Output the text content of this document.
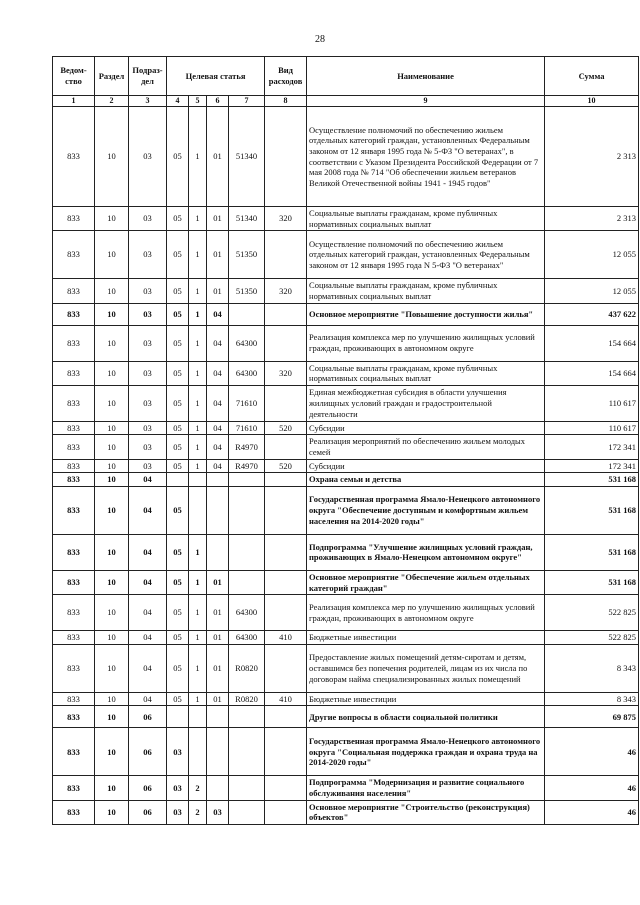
28
Ведом-ство	Раздел	Подраз-дел	Целевая статья				Вид расходов	Наименование	Сумма
1	2	3	4	5	6	7	8	9	10
833	10	03	05	1	01	51340		Осуществление полномочий по обеспечению жильем отдельных категорий граждан, установленных Федеральным законом от 12 января 1995 года № 5-ФЗ "О ветеранах", в соответствии с Указом Президента Российской Федерации от 7 мая 2008 года № 714 "Об обеспечении жильем ветеранов Великой Отечественной войны 1941 - 1945 годов"	2 313
833	10	03	05	1	01	51340	320	Социальные выплаты гражданам, кроме публичных нормативных социальных выплат	2 313
833	10	03	05	1	01	51350		Осуществление полномочий по обеспечению жильем отдельных категорий граждан, установленных Федеральным законом от 12 января 1995 года N 5-ФЗ "О ветеранах"	12 055
833	10	03	05	1	01	51350	320	Социальные выплаты гражданам, кроме публичных нормативных социальных выплат	12 055
833	10	03	05	1	04			Основное мероприятие "Повышение доступности жилья"	437 622
833	10	03	05	1	04	64300		Реализация комплекса мер по улучшению жилищных условий граждан, проживающих в автономном округе	154 664
833	10	03	05	1	04	64300	320	Социальные выплаты гражданам, кроме публичных нормативных социальных выплат	154 664
833	10	03	05	1	04	71610		Единая межбюджетная субсидия в области улучшения жилищных условий граждан и градостроительной деятельности	110 617
833	10	03	05	1	04	71610	520	Субсидии	110 617
833	10	03	05	1	04	R4970		Реализация мероприятий по обеспечению жильем молодых семей	172 341
833	10	03	05	1	04	R4970	520	Субсидии	172 341
833	10	04						Охрана семьи и детства	531 168
833	10	04	05					Государственная программа Ямало-Ненецкого автономного округа "Обеспечение доступным и комфортным жильем населения на 2014-2020 годы"	531 168
833	10	04	05	1				Подпрограмма "Улучшение жилищных условий граждан, проживающих в Ямало-Ненецком автономном округе"	531 168
833	10	04	05	1	01			Основное мероприятие "Обеспечение жильем отдельных категорий граждан"	531 168
833	10	04	05	1	01	64300		Реализация комплекса мер по улучшению жилищных условий граждан, проживающих в автономном округе	522 825
833	10	04	05	1	01	64300	410	Бюджетные инвестиции	522 825
833	10	04	05	1	01	R0820		Предоставление жилых помещений детям-сиротам и детям, оставшимся без попечения родителей, лицам из их числа по договорам найма специализированных жилых помещений	8 343
833	10	04	05	1	01	R0820	410	Бюджетные инвестиции	8 343
833	10	06						Другие вопросы в области социальной политики	69 875
833	10	06	03					Государственная программа Ямало-Ненецкого автономного округа "Социальная поддержка граждан и охрана труда на 2014-2020 годы"	46
833	10	06	03	2				Подпрограмма "Модернизация и развитие социального обслуживания населения"	46
833	10	06	03	2	03			Основное мероприятие "Строительство (реконструкция) объектов"	46
